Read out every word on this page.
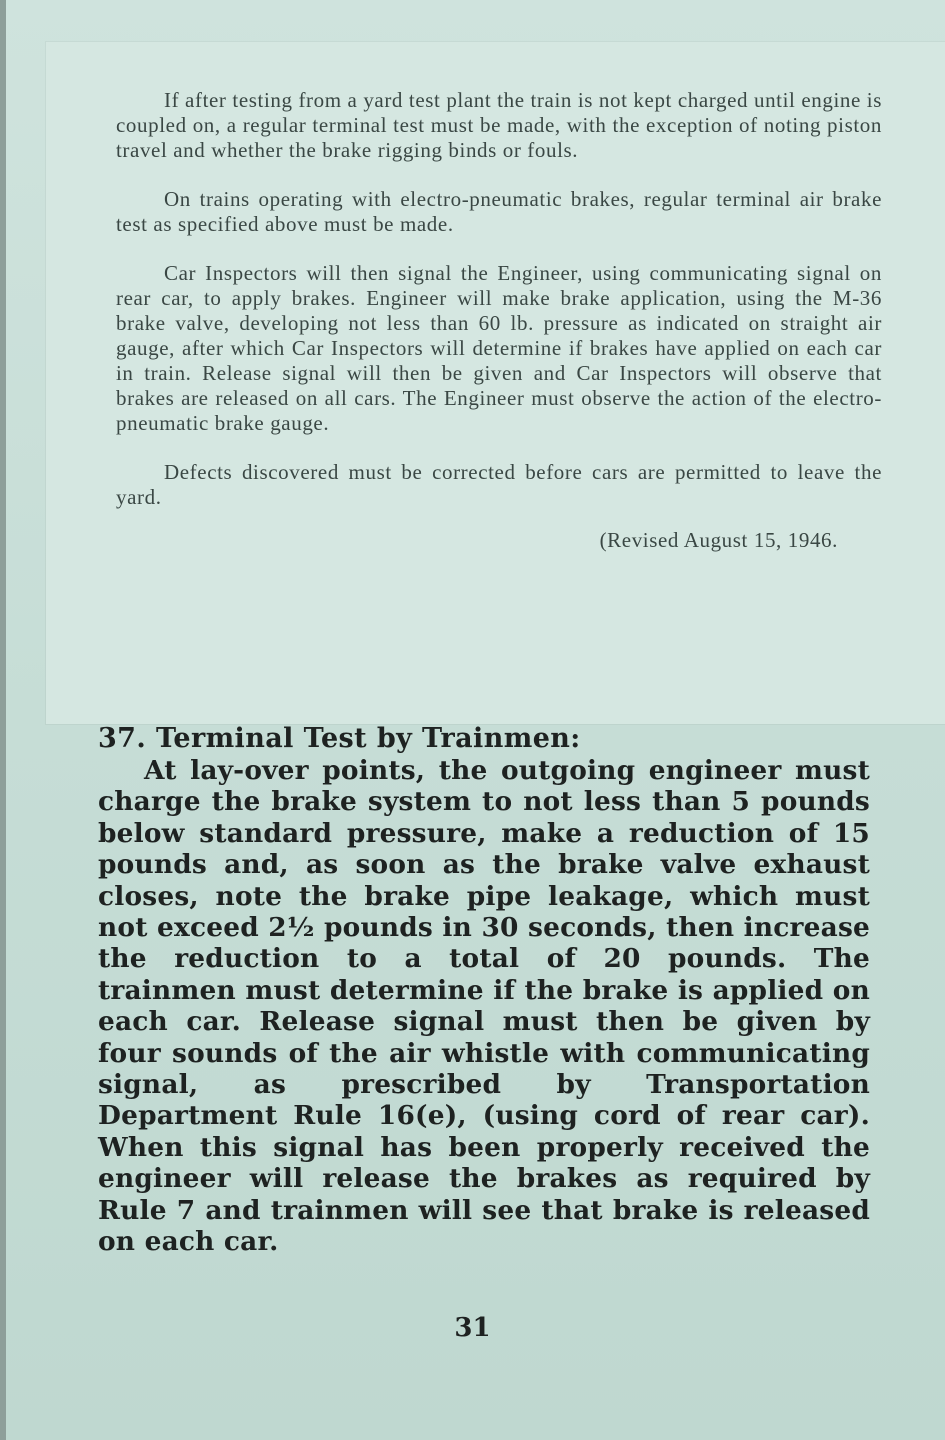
If after testing from a yard test plant the train is not kept charged until engine is coupled on, a regular terminal test must be made, with the exception of noting piston travel and whether the brake rigging binds or fouls.

On trains operating with electro-pneumatic brakes, regular terminal air brake test as specified above must be made.

Car Inspectors will then signal the Engineer, using communicating signal on rear car, to apply brakes. Engineer will make brake application, using the M-36 brake valve, developing not less than 60 lb. pressure as indicated on straight air gauge, after which Car Inspectors will determine if brakes have applied on each car in train. Release signal will then be given and Car Inspectors will observe that brakes are released on all cars. The Engineer must observe the action of the electro-pneumatic brake gauge.

Defects discovered must be corrected before cars are permitted to leave the yard.

(Revised August 15, 1946.

37. Terminal Test by Trainmen:

At lay-over points, the outgoing engineer must charge the brake system to not less than 5 pounds below standard pressure, make a reduction of 15 pounds and, as soon as the brake valve exhaust closes, note the brake pipe leakage, which must not exceed 2½ pounds in 30 seconds, then increase the reduction to a total of 20 pounds. The trainmen must determine if the brake is applied on each car. Release signal must then be given by four sounds of the air whistle with communicating signal, as prescribed by Transportation Department Rule 16(e), (using cord of rear car). When this signal has been properly received the engineer will release the brakes as required by Rule 7 and trainmen will see that brake is released on each car.

31
